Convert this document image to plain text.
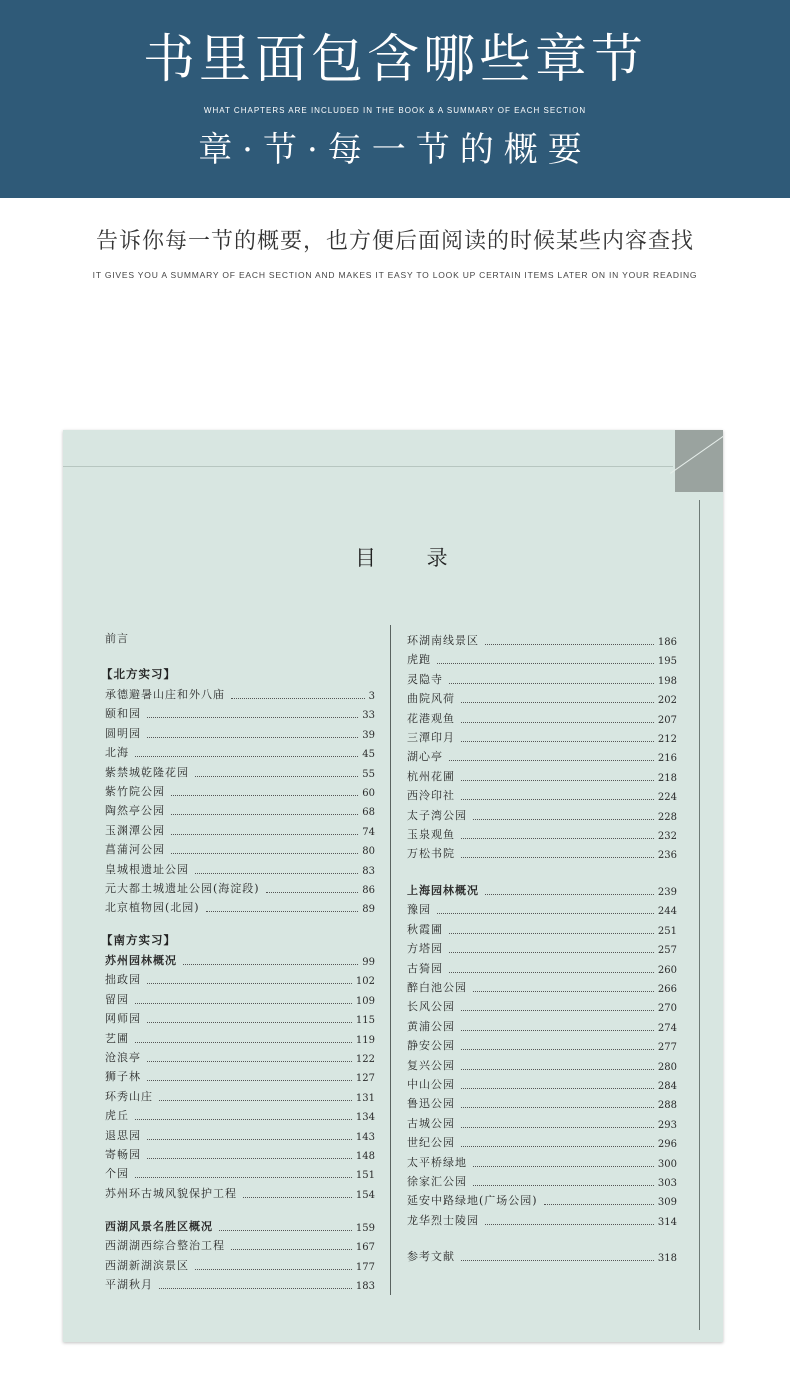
书里面包含哪些章节
WHAT CHAPTERS ARE INCLUDED IN THE BOOK & A SUMMARY OF EACH SECTION
章·节·每一节的概要
告诉你每一节的概要，也方便后面阅读的时候某些内容查找
IT GIVES YOU A SUMMARY OF EACH SECTION AND MAKES IT EASY TO LOOK UP CERTAIN ITEMS LATER ON IN YOUR READING
目 录
前言
【北方实习】
承德避暑山庄和外八庙	3
颐和园	33
圆明园	39
北海	45
紫禁城乾隆花园	55
紫竹院公园	60
陶然亭公园	68
玉渊潭公园	74
菖蒲河公园	80
皇城根遗址公园	83
元大都土城遗址公园(海淀段)	86
北京植物园(北园)	89
【南方实习】
苏州园林概况	99
拙政园	102
留园	109
网师园	115
艺圃	119
沧浪亭	122
狮子林	127
环秀山庄	131
虎丘	134
退思园	143
寄畅园	148
个园	151
苏州环古城风貌保护工程	154
西湖风景名胜区概况	159
西湖湖西综合整治工程	167
西湖新湖滨景区	177
平湖秋月	183
环湖南线景区	186
虎跑	195
灵隐寺	198
曲院风荷	202
花港观鱼	207
三潭印月	212
湖心亭	216
杭州花圃	218
西泠印社	224
太子湾公园	228
玉泉观鱼	232
万松书院	236
上海园林概况	239
豫园	244
秋霞圃	251
方塔园	257
古猗园	260
醉白池公园	266
长风公园	270
黄浦公园	274
静安公园	277
复兴公园	280
中山公园	284
鲁迅公园	288
古城公园	293
世纪公园	296
太平桥绿地	300
徐家汇公园	303
延安中路绿地(广场公园)	309
龙华烈士陵园	314
参考文献	318
